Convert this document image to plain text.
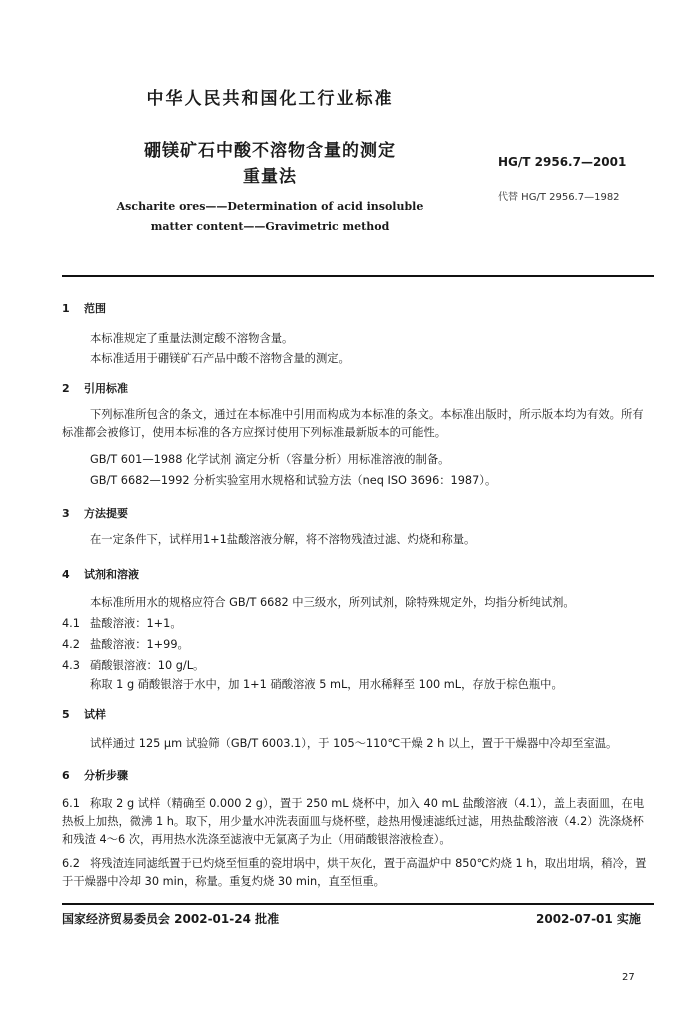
中华人民共和国化工行业标准
硼镁矿石中酸不溶物含量的测定
重量法
Ascharite ores——Determination of acid insoluble
matter content——Gravimetric method
HG/T 2956.7—2001
代替 HG/T 2956.7—1982
1 范围
本标准规定了重量法测定酸不溶物含量。
本标准适用于硼镁矿石产品中酸不溶物含量的测定。
2 引用标准
下列标准所包含的条文，通过在本标准中引用而构成为本标准的条文。本标准出版时，所示版本均为有效。所有标准都会被修订，使用本标准的各方应探讨使用下列标准最新版本的可能性。
GB/T 601—1988 化学试剂 滴定分析（容量分析）用标准溶液的制备。
GB/T 6682—1992 分析实验室用水规格和试验方法（neq ISO 3696：1987）。
3 方法提要
在一定条件下，试样用1+1盐酸溶液分解，将不溶物残渣过滤、灼烧和称量。
4 试剂和溶液
本标准所用水的规格应符合 GB/T 6682 中三级水，所列试剂，除特殊规定外，均指分析纯试剂。
4.1 盐酸溶液：1+1。
4.2 盐酸溶液：1+99。
4.3 硝酸银溶液：10 g/L。
称取 1 g 硝酸银溶于水中，加 1+1 硝酸溶液 5 mL，用水稀释至 100 mL，存放于棕色瓶中。
5 试样
试样通过 125 μm 试验筛（GB/T 6003.1），于 105～110℃干燥 2 h 以上，置于干燥器中冷却至室温。
6 分析步骤
6.1 称取 2 g 试样（精确至 0.000 2 g），置于 250 mL 烧杯中，加入 40 mL 盐酸溶液（4.1），盖上表面皿，在电热板上加热，微沸 1 h。取下，用少量水冲洗表面皿与烧杯壁，趁热用慢速滤纸过滤，用热盐酸溶液（4.2）洗涤烧杯和残渣 4～6 次，再用热水洗涤至滤液中无氯离子为止（用硝酸银溶液检查）。
6.2 将残渣连同滤纸置于已灼烧至恒重的瓷坩埚中，烘干灰化，置于高温炉中 850℃灼烧 1 h，取出坩埚，稍冷，置于干燥器中冷却 30 min，称量。重复灼烧 30 min，直至恒重。
国家经济贸易委员会 2002-01-24 批准	2002-07-01 实施
27
